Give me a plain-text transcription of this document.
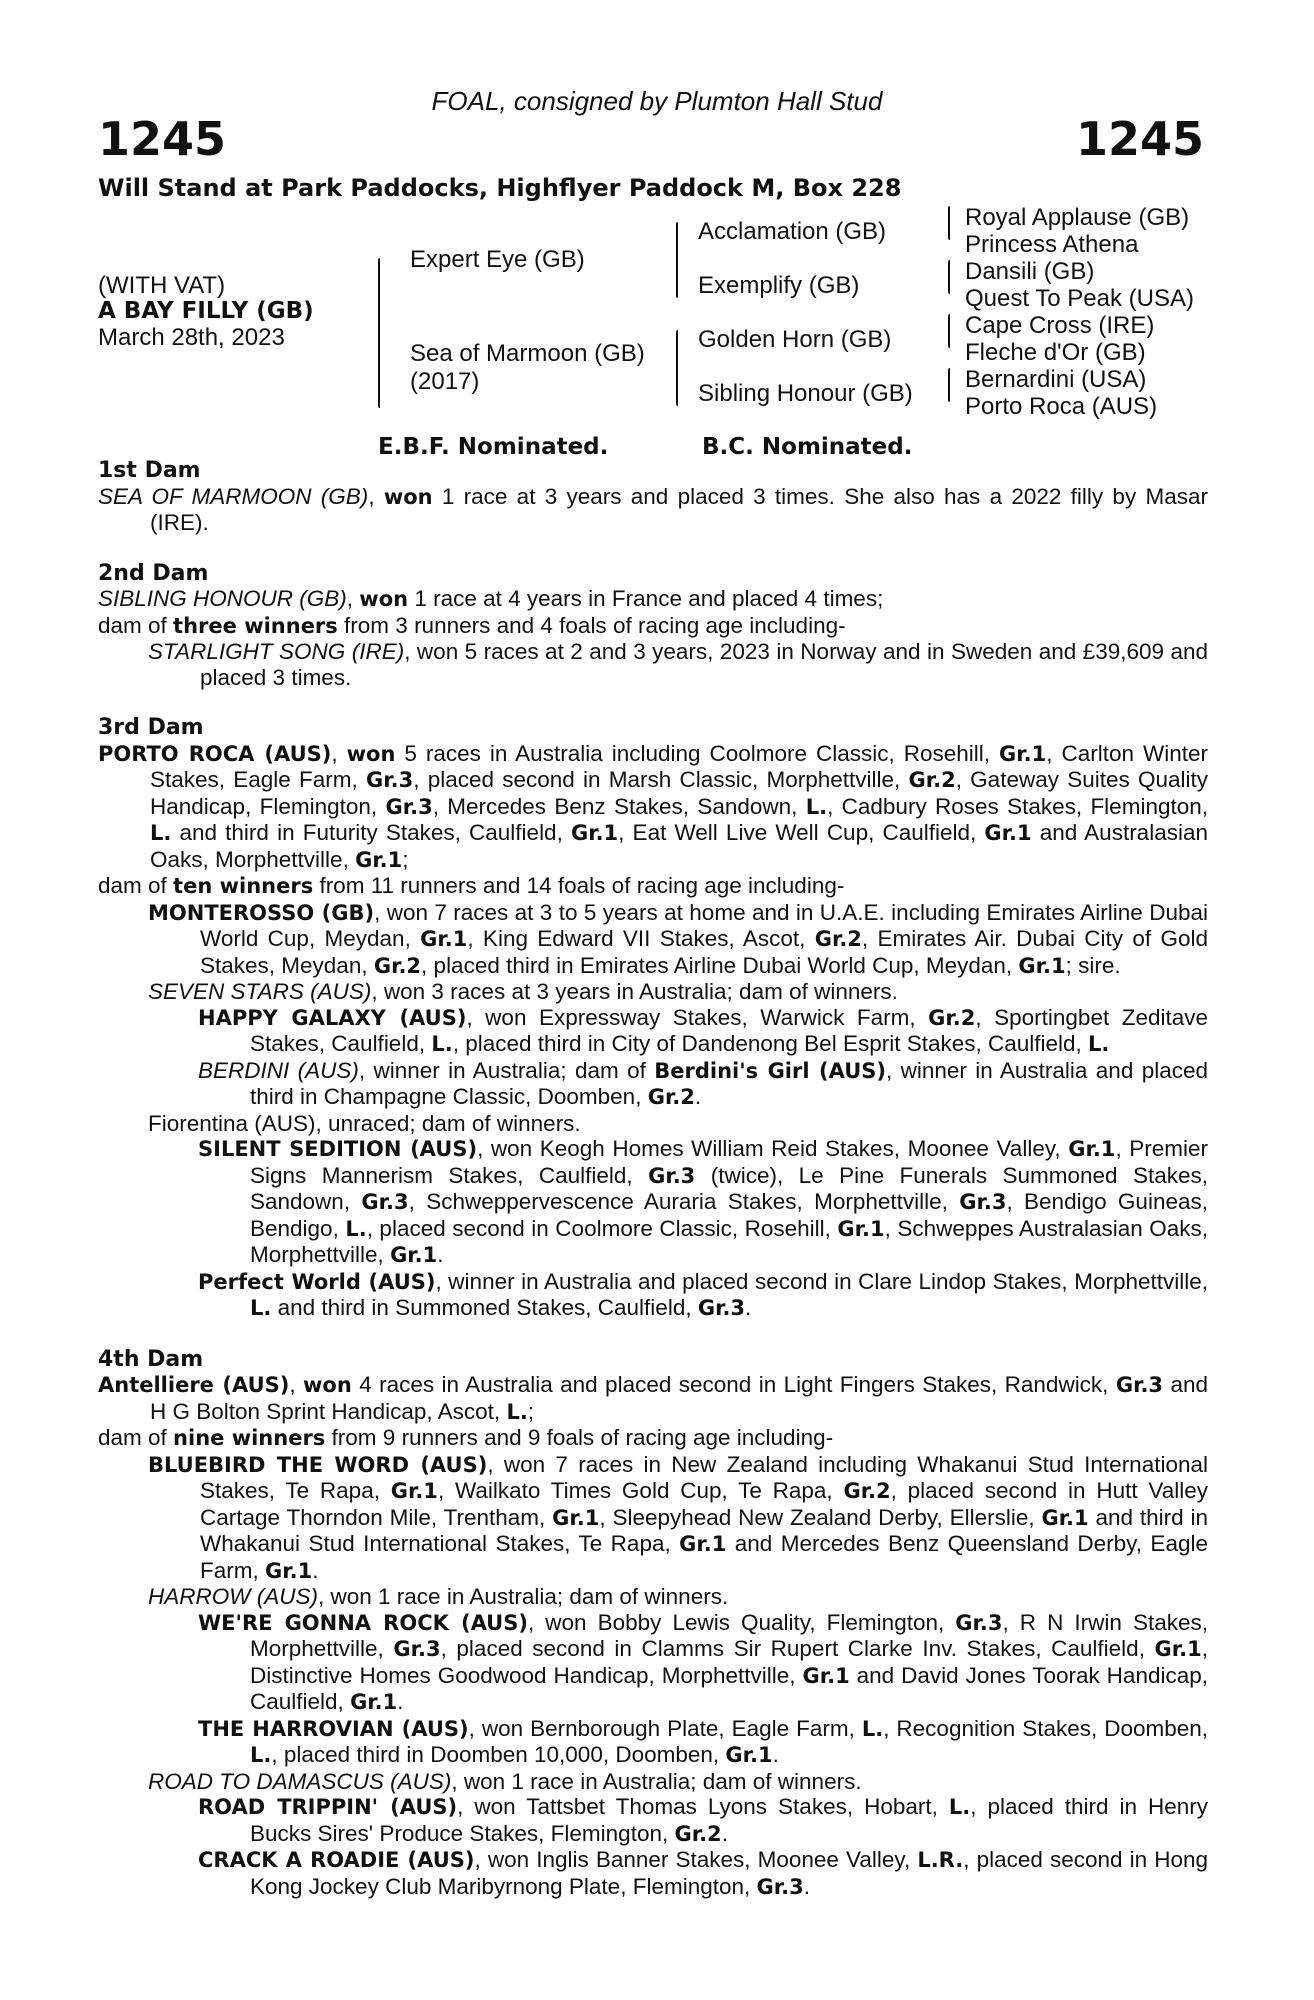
FOAL, consigned by Plumton Hall Stud
1245	1245
Will Stand at Park Paddocks, Highflyer Paddock M, Box 228
(WITH VAT)
A BAY FILLY (GB)
March 28th, 2023
Expert Eye (GB)
Sea of Marmoon (GB)
(2017)
Acclamation (GB)
Exemplify (GB)
Golden Horn (GB)
Sibling Honour (GB)
Royal Applause (GB)
Princess Athena
Dansili (GB)
Quest To Peak (USA)
Cape Cross (IRE)
Fleche d'Or (GB)
Bernardini (USA)
Porto Roca (AUS)
E.B.F. Nominated.	B.C. Nominated.

1st Dam

SEA OF MARMOON (GB), won 1 race at 3 years and placed 3 times. She also has a 2022 filly by Masar (IRE).

2nd Dam

SIBLING HONOUR (GB), won 1 race at 4 years in France and placed 4 times;

dam of three winners from 3 runners and 4 foals of racing age including-

STARLIGHT SONG (IRE), won 5 races at 2 and 3 years, 2023 in Norway and in Sweden and £39,609 and placed 3 times.

3rd Dam

PORTO ROCA (AUS), won 5 races in Australia including Coolmore Classic, Rosehill, Gr.1, Carlton Winter Stakes, Eagle Farm, Gr.3, placed second in Marsh Classic, Morphettville, Gr.2, Gateway Suites Quality Handicap, Flemington, Gr.3, Mercedes Benz Stakes, Sandown, L., Cadbury Roses Stakes, Flemington, L. and third in Futurity Stakes, Caulfield, Gr.1, Eat Well Live Well Cup, Caulfield, Gr.1 and Australasian Oaks, Morphettville, Gr.1;

dam of ten winners from 11 runners and 14 foals of racing age including-

MONTEROSSO (GB), won 7 races at 3 to 5 years at home and in U.A.E. including Emirates Airline Dubai World Cup, Meydan, Gr.1, King Edward VII Stakes, Ascot, Gr.2, Emirates Air. Dubai City of Gold Stakes, Meydan, Gr.2, placed third in Emirates Airline Dubai World Cup, Meydan, Gr.1; sire.

SEVEN STARS (AUS), won 3 races at 3 years in Australia; dam of winners.

HAPPY GALAXY (AUS), won Expressway Stakes, Warwick Farm, Gr.2, Sportingbet Zeditave Stakes, Caulfield, L., placed third in City of Dandenong Bel Esprit Stakes, Caulfield, L.

BERDINI (AUS), winner in Australia; dam of Berdini's Girl (AUS), winner in Australia and placed third in Champagne Classic, Doomben, Gr.2.

Fiorentina (AUS), unraced; dam of winners.

SILENT SEDITION (AUS), won Keogh Homes William Reid Stakes, Moonee Valley, Gr.1, Premier Signs Mannerism Stakes, Caulfield, Gr.3 (twice), Le Pine Funerals Summoned Stakes, Sandown, Gr.3, Schweppervescence Auraria Stakes, Morphettville, Gr.3, Bendigo Guineas, Bendigo, L., placed second in Coolmore Classic, Rosehill, Gr.1, Schweppes Australasian Oaks, Morphettville, Gr.1.

Perfect World (AUS), winner in Australia and placed second in Clare Lindop Stakes, Morphettville, L. and third in Summoned Stakes, Caulfield, Gr.3.

4th Dam

Antelliere (AUS), won 4 races in Australia and placed second in Light Fingers Stakes, Randwick, Gr.3 and H G Bolton Sprint Handicap, Ascot, L.;

dam of nine winners from 9 runners and 9 foals of racing age including-

BLUEBIRD THE WORD (AUS), won 7 races in New Zealand including Whakanui Stud International Stakes, Te Rapa, Gr.1, Wailkato Times Gold Cup, Te Rapa, Gr.2, placed second in Hutt Valley Cartage Thorndon Mile, Trentham, Gr.1, Sleepyhead New Zealand Derby, Ellerslie, Gr.1 and third in Whakanui Stud International Stakes, Te Rapa, Gr.1 and Mercedes Benz Queensland Derby, Eagle Farm, Gr.1.

HARROW (AUS), won 1 race in Australia; dam of winners.

WE'RE GONNA ROCK (AUS), won Bobby Lewis Quality, Flemington, Gr.3, R N Irwin Stakes, Morphettville, Gr.3, placed second in Clamms Sir Rupert Clarke Inv. Stakes, Caulfield, Gr.1, Distinctive Homes Goodwood Handicap, Morphettville, Gr.1 and David Jones Toorak Handicap, Caulfield, Gr.1.

THE HARROVIAN (AUS), won Bernborough Plate, Eagle Farm, L., Recognition Stakes, Doomben, L., placed third in Doomben 10,000, Doomben, Gr.1.

ROAD TO DAMASCUS (AUS), won 1 race in Australia; dam of winners.

ROAD TRIPPIN' (AUS), won Tattsbet Thomas Lyons Stakes, Hobart, L., placed third in Henry Bucks Sires' Produce Stakes, Flemington, Gr.2.

CRACK A ROADIE (AUS), won Inglis Banner Stakes, Moonee Valley, L.R., placed second in Hong Kong Jockey Club Maribyrnong Plate, Flemington, Gr.3.
